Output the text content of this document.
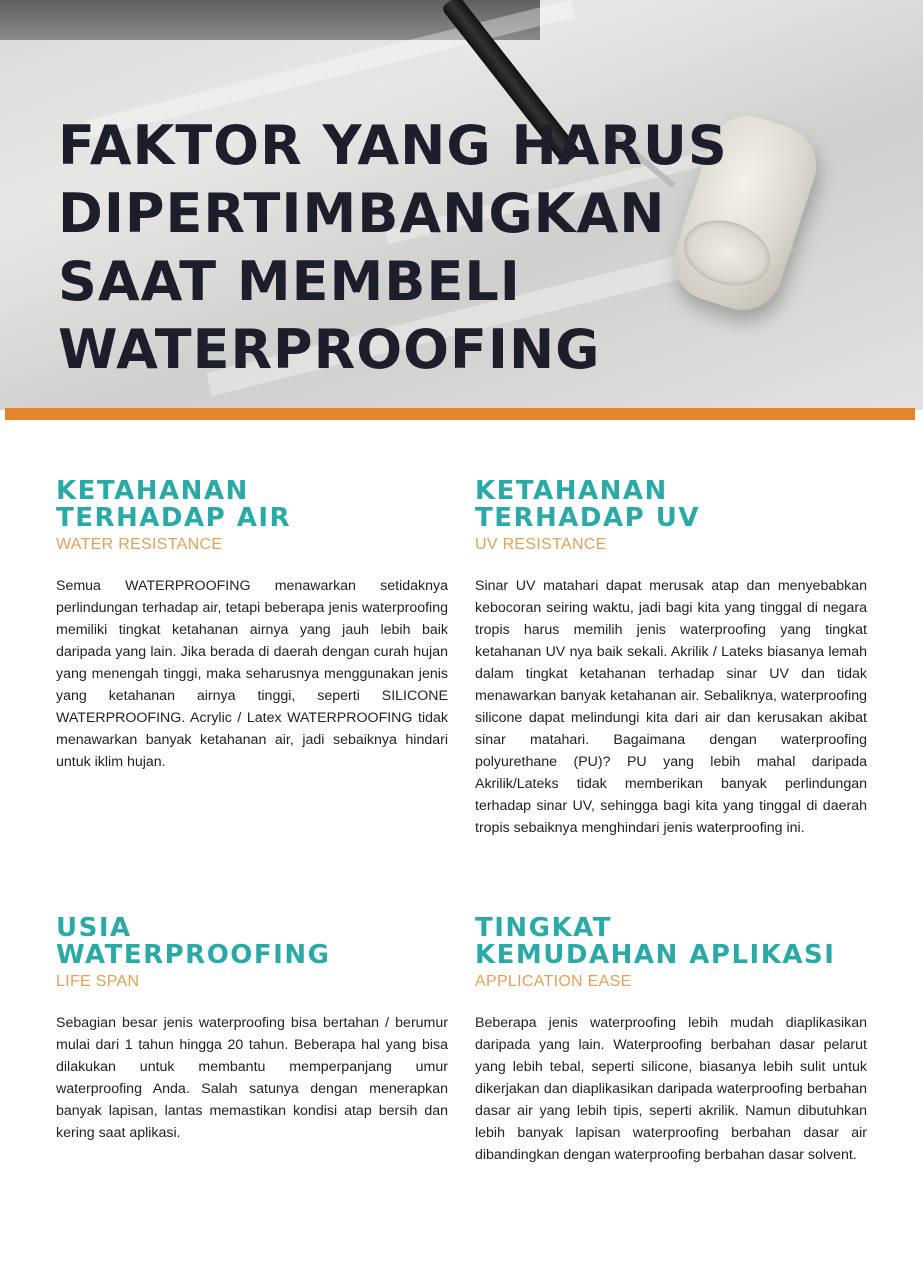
FAKTOR YANG HARUS
DIPERTIMBANGKAN
SAAT MEMBELI
WATERPROOFING
KETAHANAN
TERHADAP AIR

WATER RESISTANCE

Semua WATERPROOFING menawarkan setidaknya perlindungan terhadap air, tetapi beberapa jenis waterproofing memiliki tingkat ketahanan airnya yang jauh lebih baik daripada yang lain. Jika berada di daerah dengan curah hujan yang menengah tinggi, maka seharusnya menggunakan jenis yang ketahanan airnya tinggi, seperti SILICONE WATERPROOFING. Acrylic / Latex WATERPROOFING tidak menawarkan banyak ketahanan air, jadi sebaiknya hindari untuk iklim hujan.

KETAHANAN
TERHADAP UV

UV RESISTANCE

Sinar UV matahari dapat merusak atap dan menyebabkan kebocoran seiring waktu, jadi bagi kita yang tinggal di negara tropis harus memilih jenis waterproofing yang tingkat ketahanan UV nya baik sekali. Akrilik / Lateks biasanya lemah dalam tingkat ketahanan terhadap sinar UV dan tidak menawarkan banyak ketahanan air. Sebaliknya, waterproofing silicone dapat melindungi kita dari air dan kerusakan akibat sinar matahari. Bagaimana dengan waterproofing polyurethane (PU)? PU yang lebih mahal daripada Akrilik/Lateks tidak memberikan banyak perlindungan terhadap sinar UV, sehingga bagi kita yang tinggal di daerah tropis sebaiknya menghindari jenis waterproofing ini.

USIA
WATERPROOFING

LIFE SPAN

Sebagian besar jenis waterproofing bisa bertahan / berumur mulai dari 1 tahun hingga 20 tahun. Beberapa hal yang bisa dilakukan untuk membantu memperpanjang umur waterproofing Anda. Salah satunya dengan menerapkan banyak lapisan, lantas memastikan kondisi atap bersih dan kering saat aplikasi.

TINGKAT
KEMUDAHAN APLIKASI

APPLICATION EASE

Beberapa jenis waterproofing lebih mudah diaplikasikan daripada yang lain. Waterproofing berbahan dasar pelarut yang lebih tebal, seperti silicone, biasanya lebih sulit untuk dikerjakan dan diaplikasikan daripada waterproofing berbahan dasar air yang lebih tipis, seperti akrilik. Namun dibutuhkan lebih banyak lapisan waterproofing berbahan dasar air dibandingkan dengan waterproofing berbahan dasar solvent.
